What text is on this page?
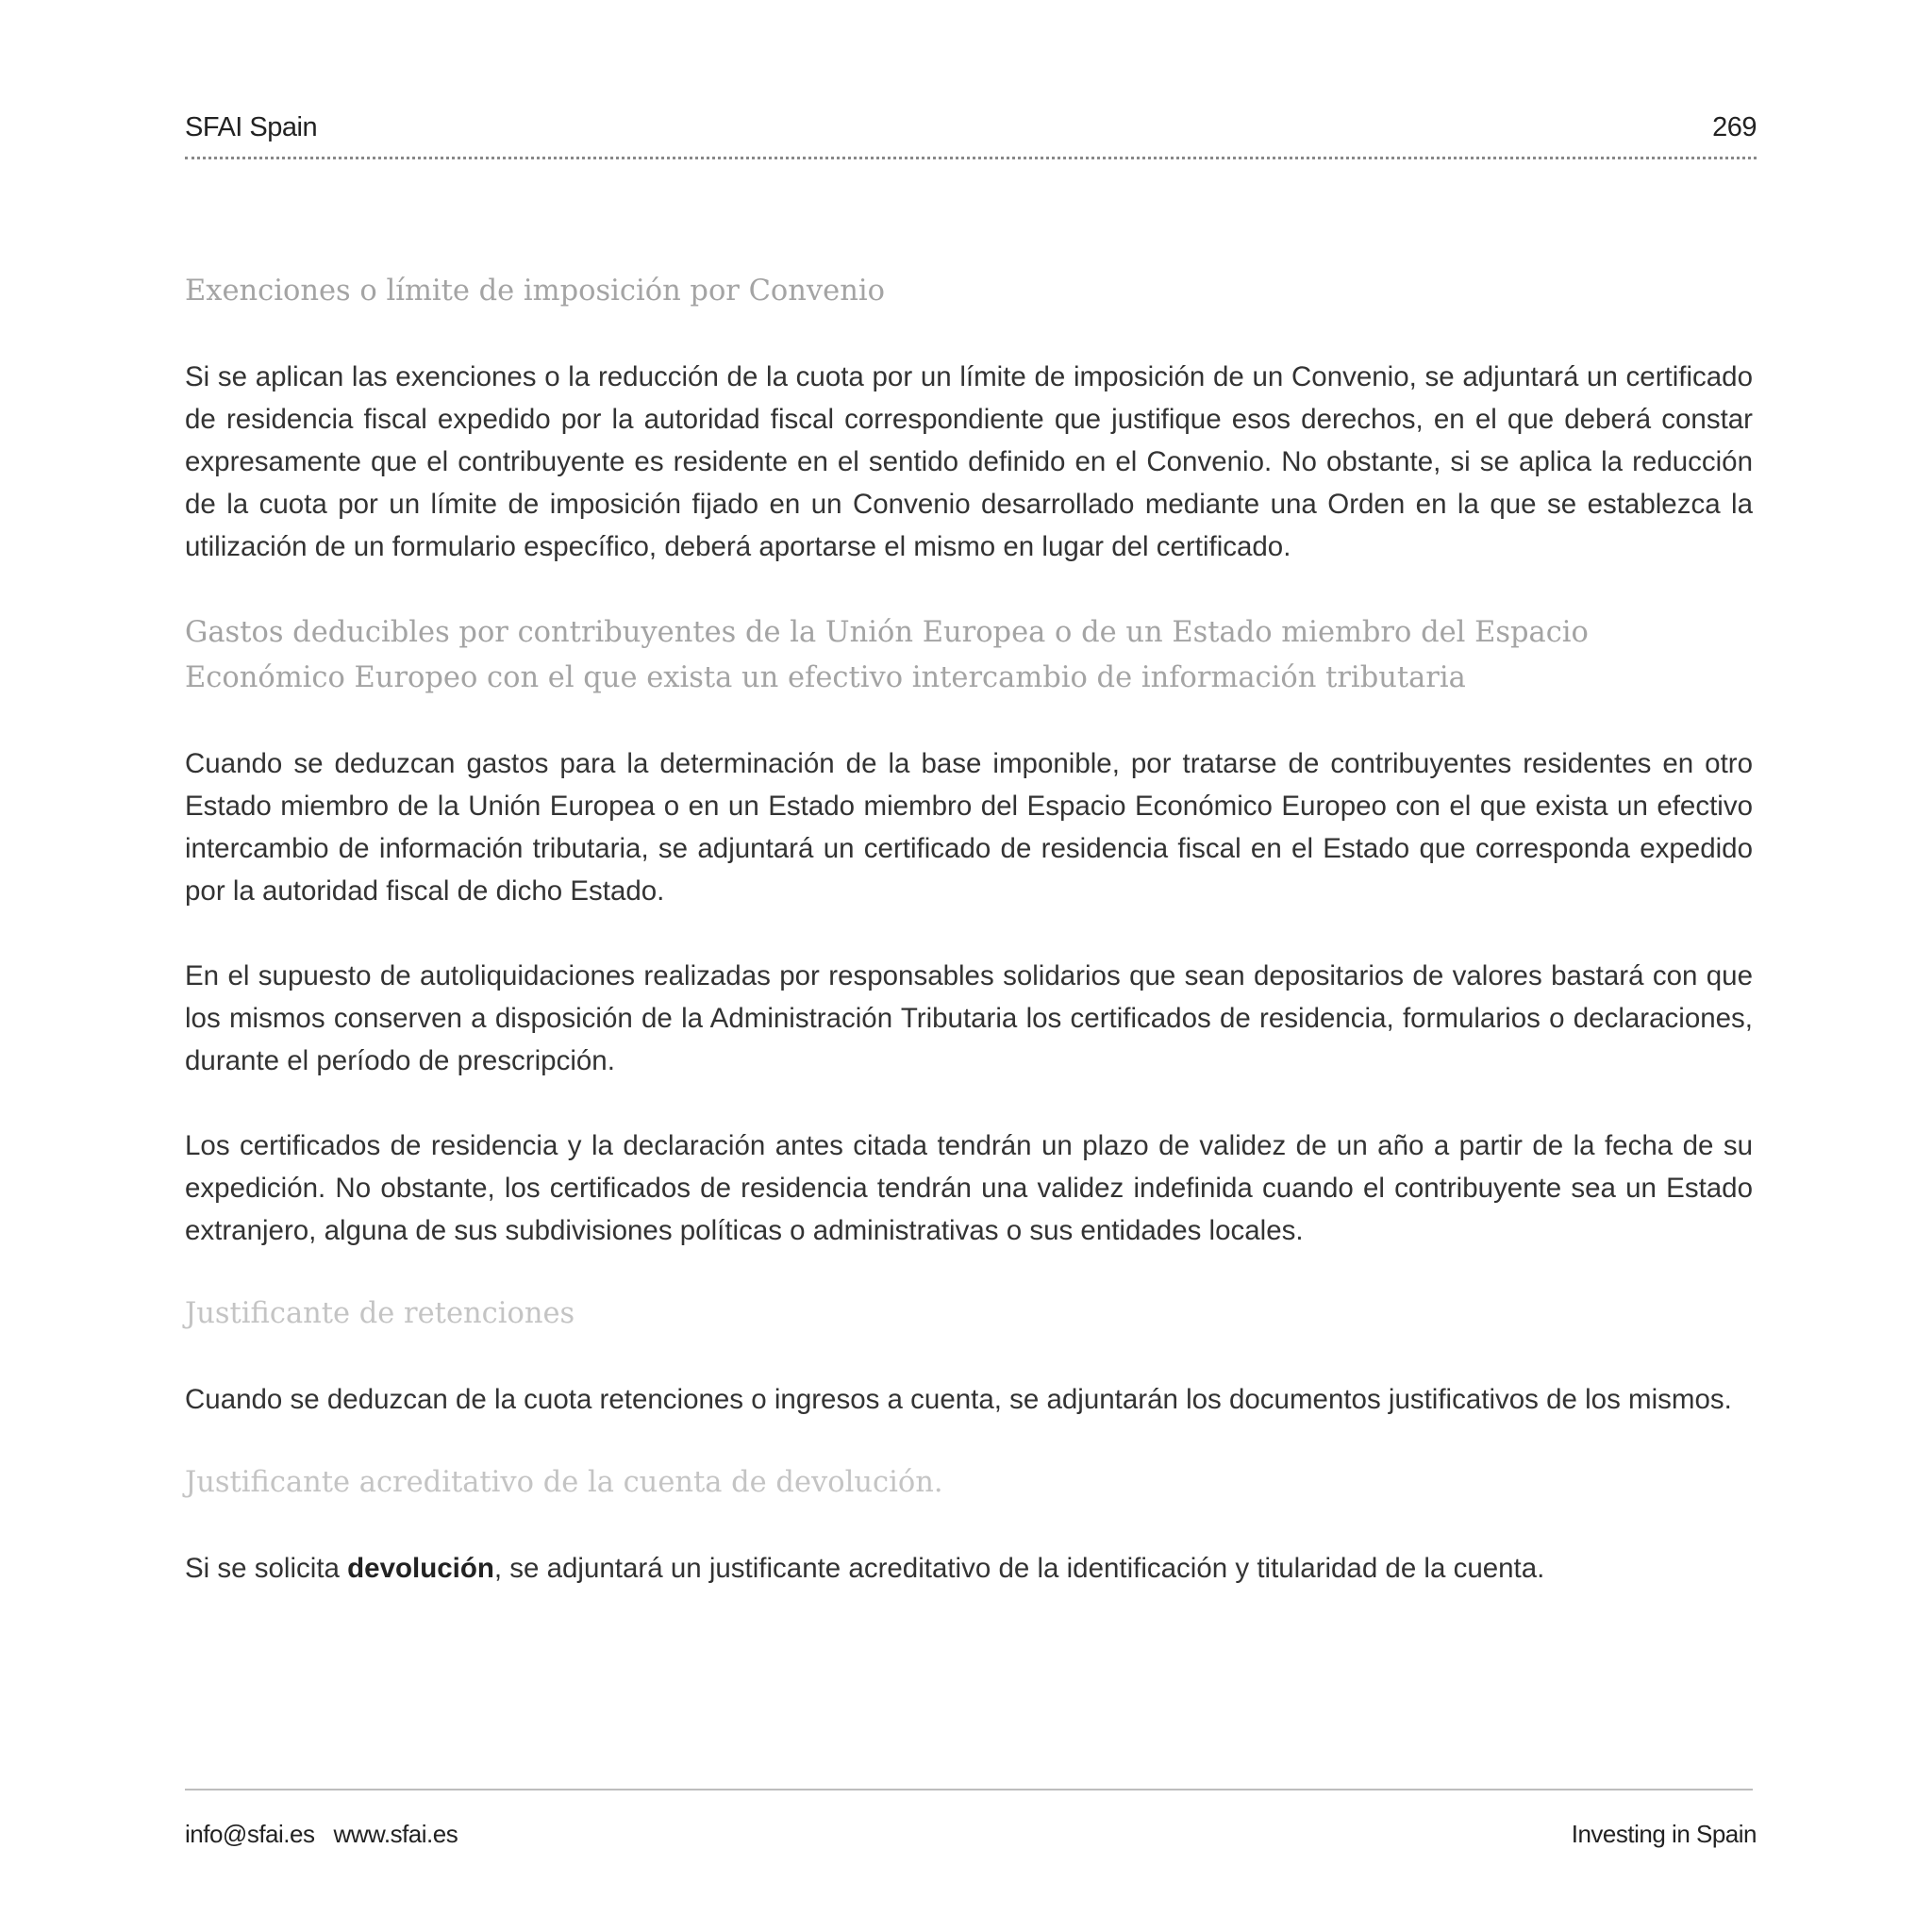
SFAI Spain	269
Exenciones o límite de imposición por Convenio

Si se aplican las exenciones o la reducción de la cuota por un límite de imposición de un Convenio, se adjuntará un certificado de residencia fiscal expedido por la autoridad fiscal correspondiente que justifique esos derechos, en el que deberá constar expresamente que el contribuyente es residente en el sentido definido en el Convenio. No obstante, si se aplica la reducción de la cuota por un límite de imposición fijado en un Convenio desarrollado mediante una Orden en la que se establezca la utilización de un formulario específico, deberá aportarse el mismo en lugar del certificado.

Gastos deducibles por contribuyentes de la Unión Europea o de un Estado miembro del Espacio Económico Europeo con el que exista un efectivo intercambio de información tributaria

Cuando se deduzcan gastos para la determinación de la base imponible, por tratarse de contribuyentes residentes en otro Estado miembro de la Unión Europea o en un Estado miembro del Espacio Económico Europeo con el que exista un efectivo intercambio de información tributaria, se adjuntará un certificado de residencia fiscal en el Estado que corresponda expedido por la autoridad fiscal de dicho Estado.

En el supuesto de autoliquidaciones realizadas por responsables solidarios que sean depositarios de valores bastará con que los mismos conserven a disposición de la Administración Tributaria los certificados de residencia, formularios o declaraciones, durante el período de prescripción.

Los certificados de residencia y la declaración antes citada tendrán un plazo de validez de un año a partir de la fecha de su expedición. No obstante, los certificados de residencia tendrán una validez indefinida cuando el contribuyente sea un Estado extranjero, alguna de sus subdivisiones políticas o administrativas o sus entidades locales.

Justificante de retenciones

Cuando se deduzcan de la cuota retenciones o ingresos a cuenta, se adjuntarán los documentos justificativos de los mismos.

Justificante acreditativo de la cuenta de devolución.

Si se solicita devolución, se adjuntará un justificante acreditativo de la identificación y titularidad de la cuenta.

info@sfai.es www.sfai.es	Investing in Spain
